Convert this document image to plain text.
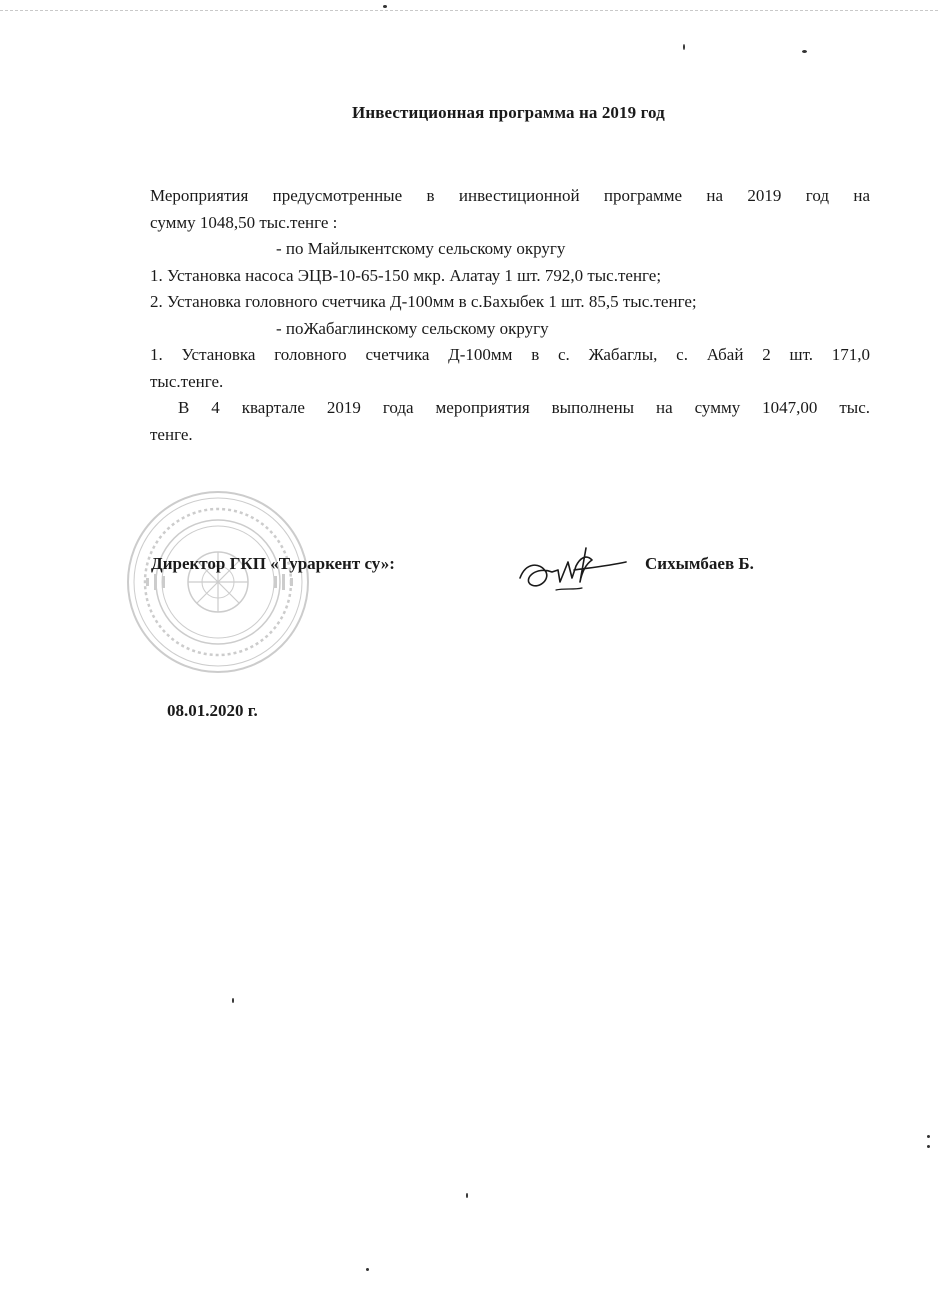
Инвестиционная программа на 2019 год
Мероприятия предусмотренные в инвестиционной программе на 2019 год на
сумму 1048,50 тыс.тенге :
- по Майлыкентскому сельскому округу
1. Установка насоса ЭЦВ-10-65-150 мкр. Алатау 1 шт. 792,0 тыс.тенге;
2. Установка головного счетчика Д-100мм в с.Бахыбек 1 шт. 85,5 тыс.тенге;
- поЖабаглинскому сельскому округу
1. Установка головного счетчика Д-100мм в с. Жабаглы, с. Абай 2 шт. 171,0
тыс.тенге.
В 4 квартале 2019 года мероприятия выполнены на сумму 1047,00 тыс.
тенге.
Директор ГКП «Тураркент су»:	Сихымбаев Б.
08.01.2020 г.
